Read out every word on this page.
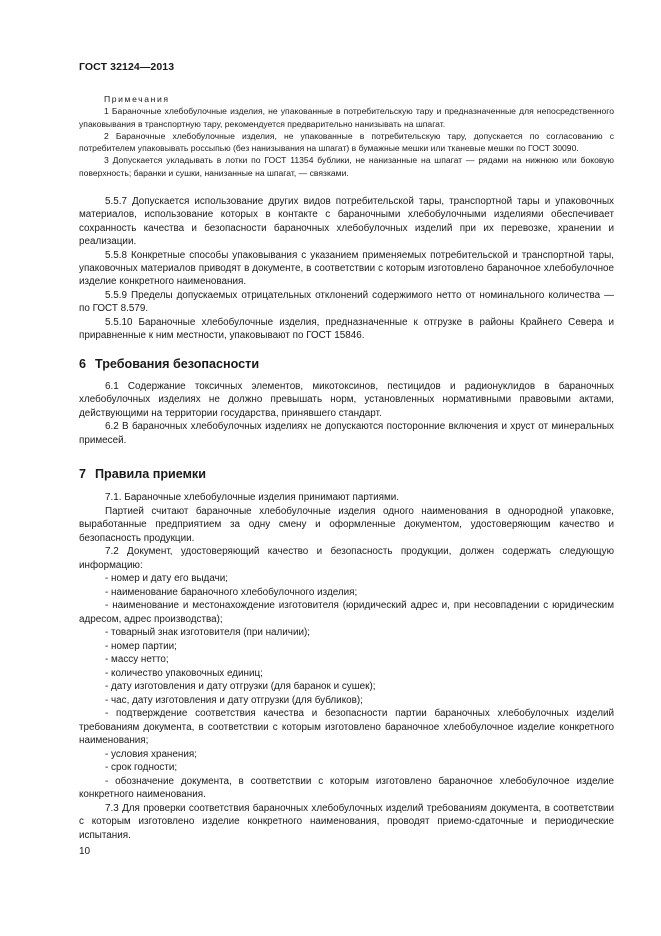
ГОСТ 32124—2013
Примечания

1 Бараночные хлебобулочные изделия, не упакованные в потребительскую тару и предназначенные для непосредственного упаковывания в транспортную тару, рекомендуется предварительно нанизывать на шпагат.

2 Бараночные хлебобулочные изделия, не упакованные в потребительскую тару, допускается по согласованию с потребителем упаковывать россыпью (без нанизывания на шпагат) в бумажные мешки или тканевые мешки по ГОСТ 30090.

3 Допускается укладывать в лотки по ГОСТ 11354 бублики, не нанизанные на шпагат — рядами на нижнюю или боковую поверхность; баранки и сушки, нанизанные на шпагат, — связками.

5.5.7 Допускается использование других видов потребительской тары, транспортной тары и упаковочных материалов, использование которых в контакте с бараночными хлебобулочными изделиями обеспечивает сохранность качества и безопасности бараночных хлебобулочных изделий при их перевозке, хранении и реализации.

5.5.8 Конкретные способы упаковывания с указанием применяемых потребительской и транспортной тары, упаковочных материалов приводят в документе, в соответствии с которым изготовлено бараночное хлебобулочное изделие конкретного наименования.

5.5.9 Пределы допускаемых отрицательных отклонений содержимого нетто от номинального количества — по ГОСТ 8.579.

5.5.10 Бараночные хлебобулочные изделия, предназначенные к отгрузке в районы Крайнего Севера и приравненные к ним местности, упаковывают по ГОСТ 15846.

6 Требования безопасности

6.1 Содержание токсичных элементов, микотоксинов, пестицидов и радионуклидов в бараночных хлебобулочных изделиях не должно превышать норм, установленных нормативными правовыми актами, действующими на территории государства, принявшего стандарт.

6.2 В бараночных хлебобулочных изделиях не допускаются посторонние включения и хруст от минеральных примесей.

7 Правила приемки

7.1. Бараночные хлебобулочные изделия принимают партиями.

Партией считают бараночные хлебобулочные изделия одного наименования в однородной упаковке, выработанные предприятием за одну смену и оформленные документом, удостоверяющим качество и безопасность продукции.

7.2 Документ, удостоверяющий качество и безопасность продукции, должен содержать следующую информацию:

- номер и дату его выдачи;

- наименование бараночного хлебобулочного изделия;

- наименование и местонахождение изготовителя (юридический адрес и, при несовпадении с юридическим адресом, адрес производства);

- товарный знак изготовителя (при наличии);

- номер партии;

- массу нетто;

- количество упаковочных единиц;

- дату изготовления и дату отгрузки (для баранок и сушек);

- час, дату изготовления и дату отгрузки (для бубликов);

- подтверждение соответствия качества и безопасности партии бараночных хлебобулочных изделий требованиям документа, в соответствии с которым изготовлено бараночное хлебобулочное изделие конкретного наименования;

- условия хранения;

- срок годности;

- обозначение документа, в соответствии с которым изготовлено бараночное хлебобулочное изделие конкретного наименования.

7.3 Для проверки соответствия бараночных хлебобулочных изделий требованиям документа, в соответствии с которым изготовлено изделие конкретного наименования, проводят приемо-сдаточные и периодические испытания.

10
